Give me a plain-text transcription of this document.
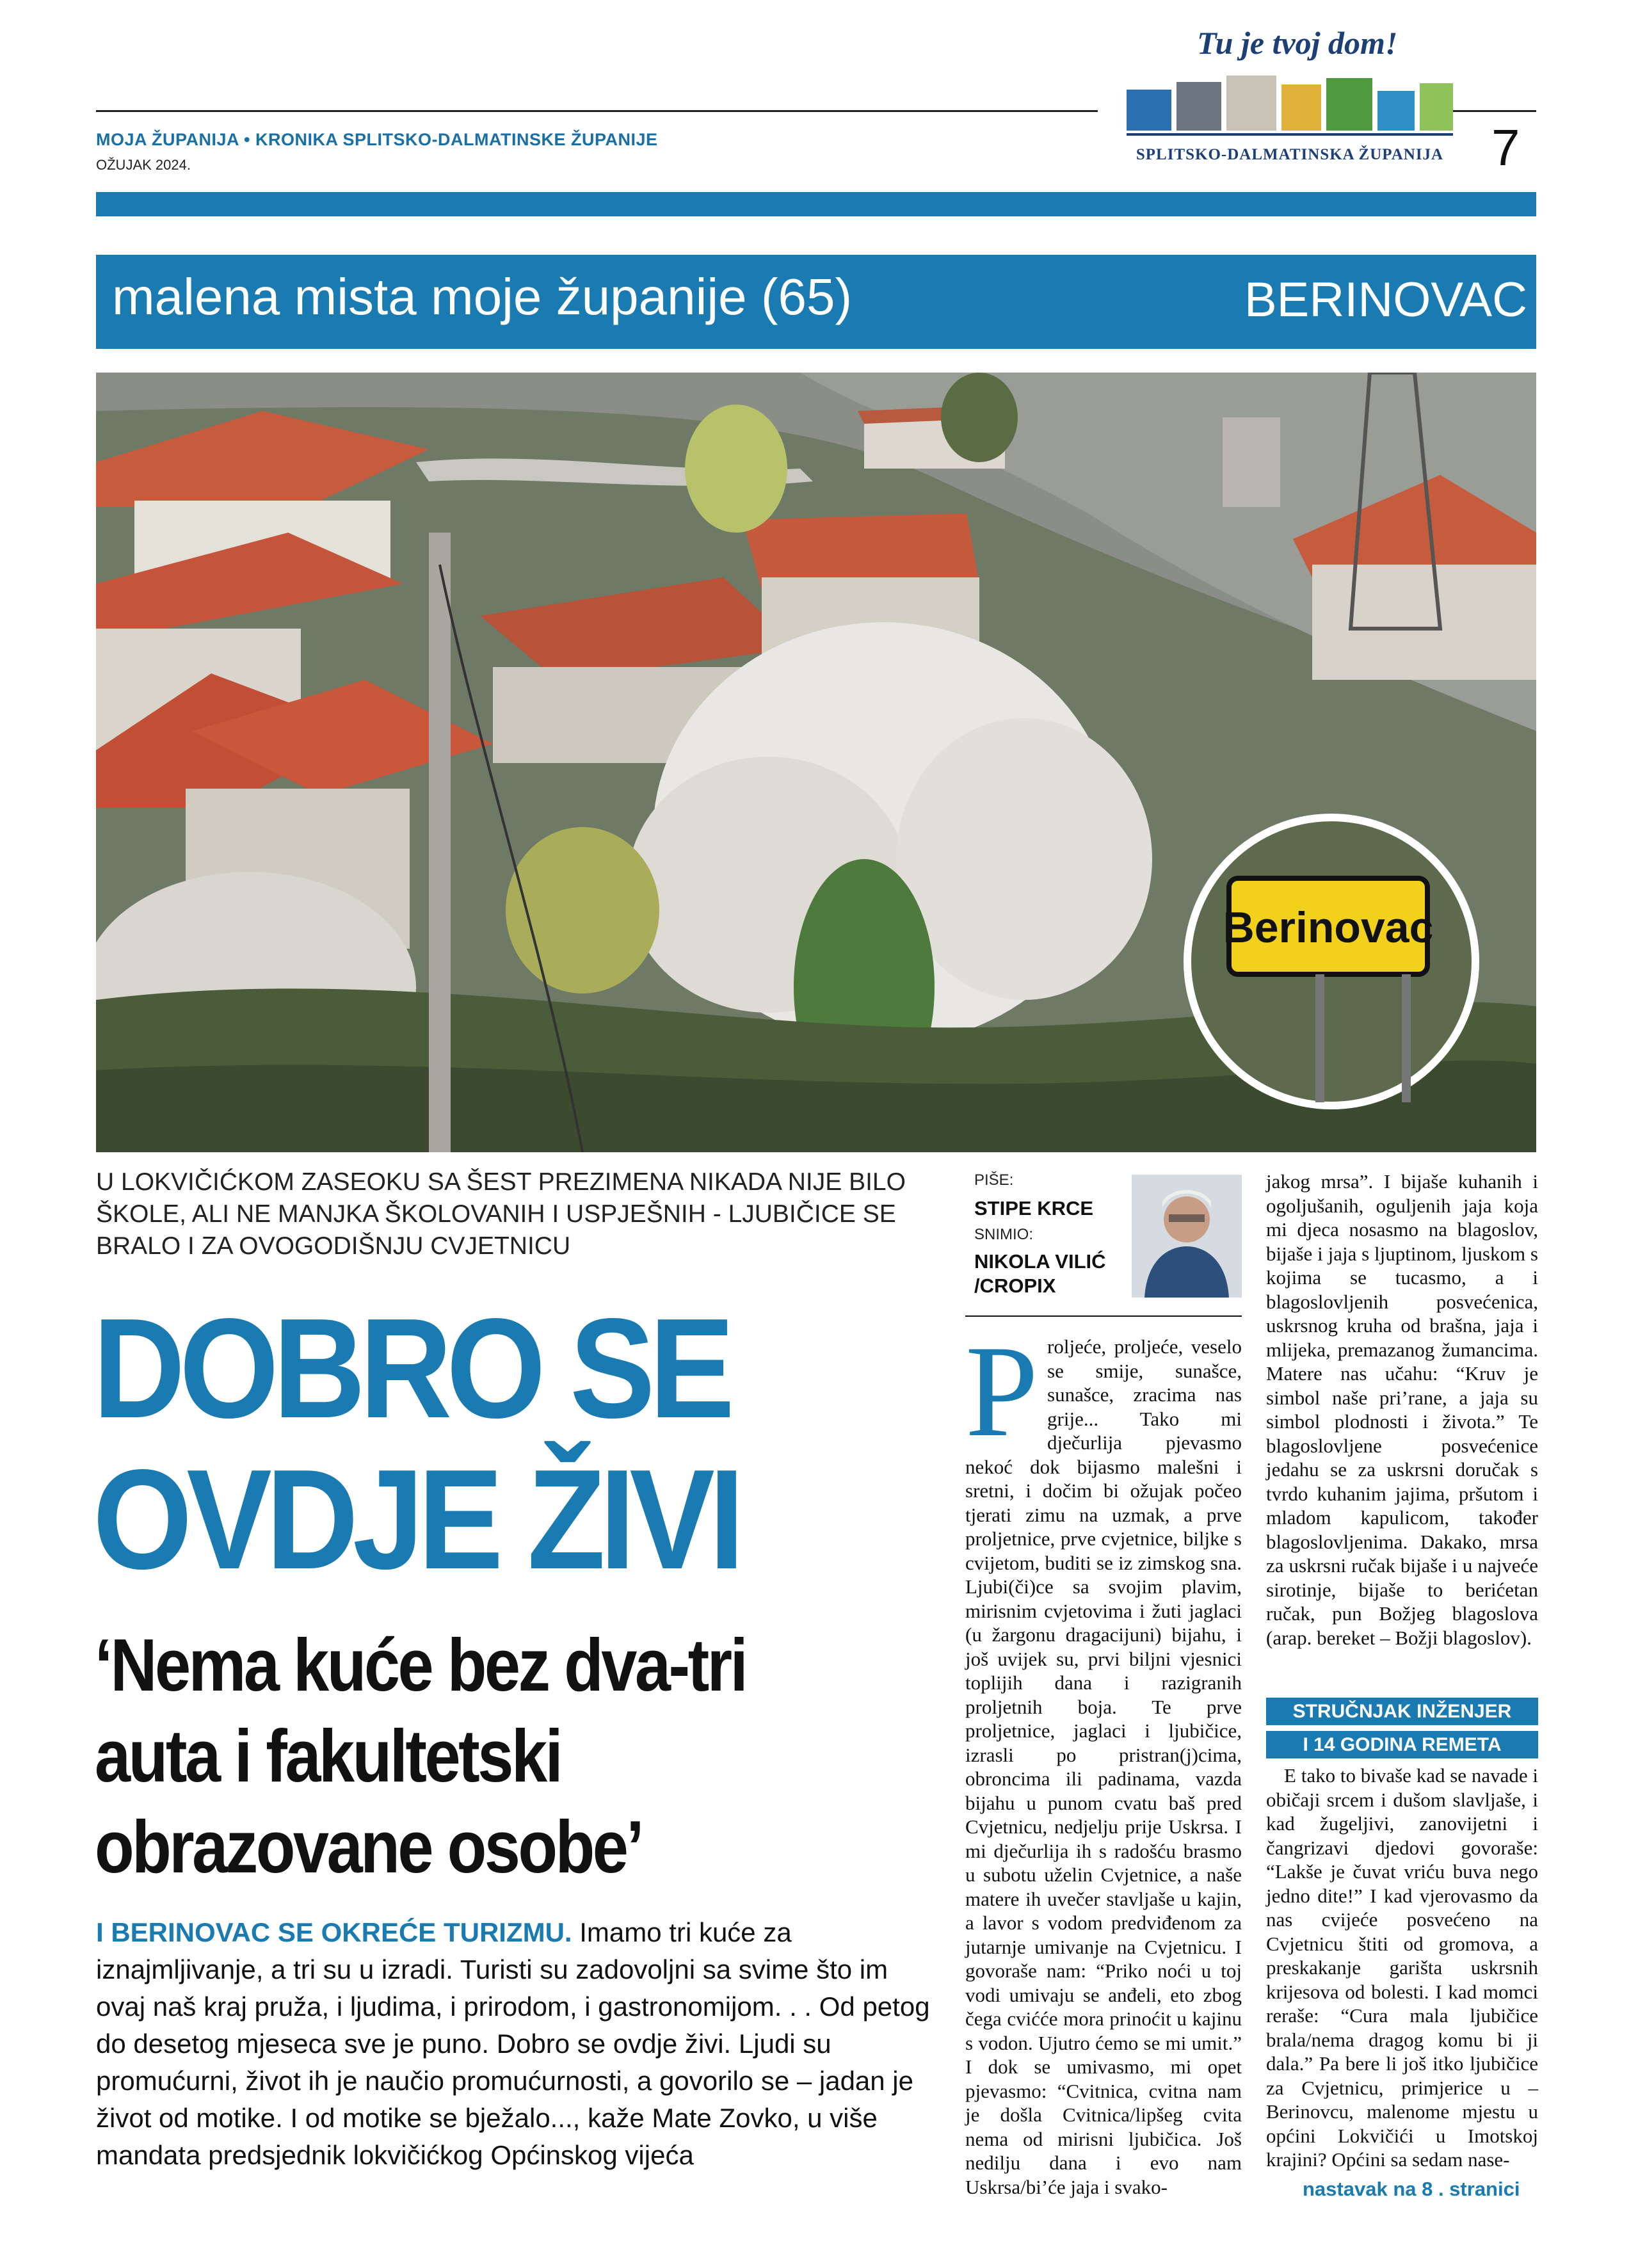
MOJA ŽUPANIJA • KRONIKA SPLITSKO-DALMATINSKE ŽUPANIJE
OŽUJAK 2024.
Tu je tvoj dom!
SPLITSKO-DALMATINSKA ŽUPANIJA 7
malena mista moje županije (65)	BERINOVAC
Berinovac
U LOKVIČIĆKOM ZASEOKU SA ŠEST PREZIMENA NIKADA NIJE BILO ŠKOLE, ALI NE MANJKA ŠKOLOVANIH I USPJEŠNIH - LJUBIČICE SE BRALO I ZA OVOGODIŠNJU CVJETNICU
DOBRO SE OVDJE ŽIVI
‘Nema kuće bez dva-tri auta i fakultetski obrazovane osobe’
I BERINOVAC SE OKREĆE TURIZMU. Imamo tri kuće za iznajmljivanje, a tri su u izradi. Turisti su zadovoljni sa svime što im ovaj naš kraj pruža, i ljudima, i prirodom, i gastronomijom. . . Od petog do desetog mjeseca sve je puno. Dobro se ovdje živi. Ljudi su promućurni, život ih je naučio promućurnosti, a govorilo se – jadan je život od motike. I od motike se bježalo..., kaže Mate Zovko, u više mandata predsjednik lokvičićkog Općinskog vijeća
PIŠE:
STIPE KRCE
SNIMIO:
NIKOLA VILIĆ /CROPIX
Proljeće, proljeće, veselo se smije, sunašce, sunašce, zracima nas grije... Tako mi dječurlija pjevasmo nekoć dok bijasmo malešni i sretni, i dočim bi ožujak počeo tjerati zimu na uzmak, a prve proljetnice, prve cvjetnice, biljke s cvijetom, buditi se iz zimskog sna. Ljubi(či)ce sa svojim plavim, mirisnim cvjetovima i žuti jaglaci (u žargonu dragacijuni) bijahu, i još uvijek su, prvi biljni vjesnici toplijih dana i razigranih proljetnih boja. Te prve proljetnice, jaglaci i ljubičice, izrasli po pristran(j)cima, obroncima ili padinama, vazda bijahu u punom cvatu baš pred Cvjetnicu, nedjelju prije Uskrsa. I mi dječurlija ih s radošću brasmo u subotu uželin Cvjetnice, a naše matere ih uvečer stavljaše u kajin, a lavor s vodom predviđenom za jutarnje umivanje na Cvjetnicu. I govoraše nam: “Priko noći u toj vodi umivaju se anđeli, eto zbog čega cvićće mora prinoćit u kajinu s vodon. Ujutro ćemo se mi umit.” I dok se umivasmo, mi opet pjevasmo: “Cvitnica, cvitna nam je došla Cvitnica/lipšeg cvita nema od mirisni ljubičica. Još nedilju dana i evo nam Uskrsa/bi’će jaja i svako-
jakog mrsa”. I bijaše kuhanih i ogoljušanih, oguljenih jaja koja mi djeca nosasmo na blagoslov, bijaše i jaja s ljuptinom, ljuskom s kojima se tucasmo, a i blagoslovljenih posvećenica, uskrsnog kruha od brašna, jaja i mlijeka, premazanog žumancima. Matere nas učahu: “Kruv je simbol naše pri’rane, a jaja su simbol plodnosti i života.” Te blagoslovljene posvećenice jedahu se za uskrsni doručak s tvrdo kuhanim jajima, pršutom i mladom kapulicom, također blagoslovljenima. Dakako, mrsa za uskrsni ručak bijaše i u najveće sirotinje, bijaše to berićetan ručak, pun Božjeg blagoslova (arap. bereket – Božji blagoslov).
STRUČNJAK INŽENJER
I 14 GODINA REMETA
E tako to bivaše kad se navade i običaji srcem i dušom slavljaše, i kad žugeljivi, zanovijetni i čangrizavi djedovi govoraše: “Lakše je čuvat vriću buva nego jedno dite!” I kad vjerovasmo da nas cvijeće posvećeno na Cvjetnicu štiti od gromova, a preskakanje garišta uskrsnih krijesova od bolesti. I kad momci reraše: “Cura mala ljubičice brala/nema dragog komu bi ji dala.” Pa bere li još itko ljubičice za Cvjetnicu, primjerice u – Berinovcu, malenome mjestu u općini Lokvičići u Imotskoj krajini? Općini sa sedam nase-
nastavak na 8 . stranici
